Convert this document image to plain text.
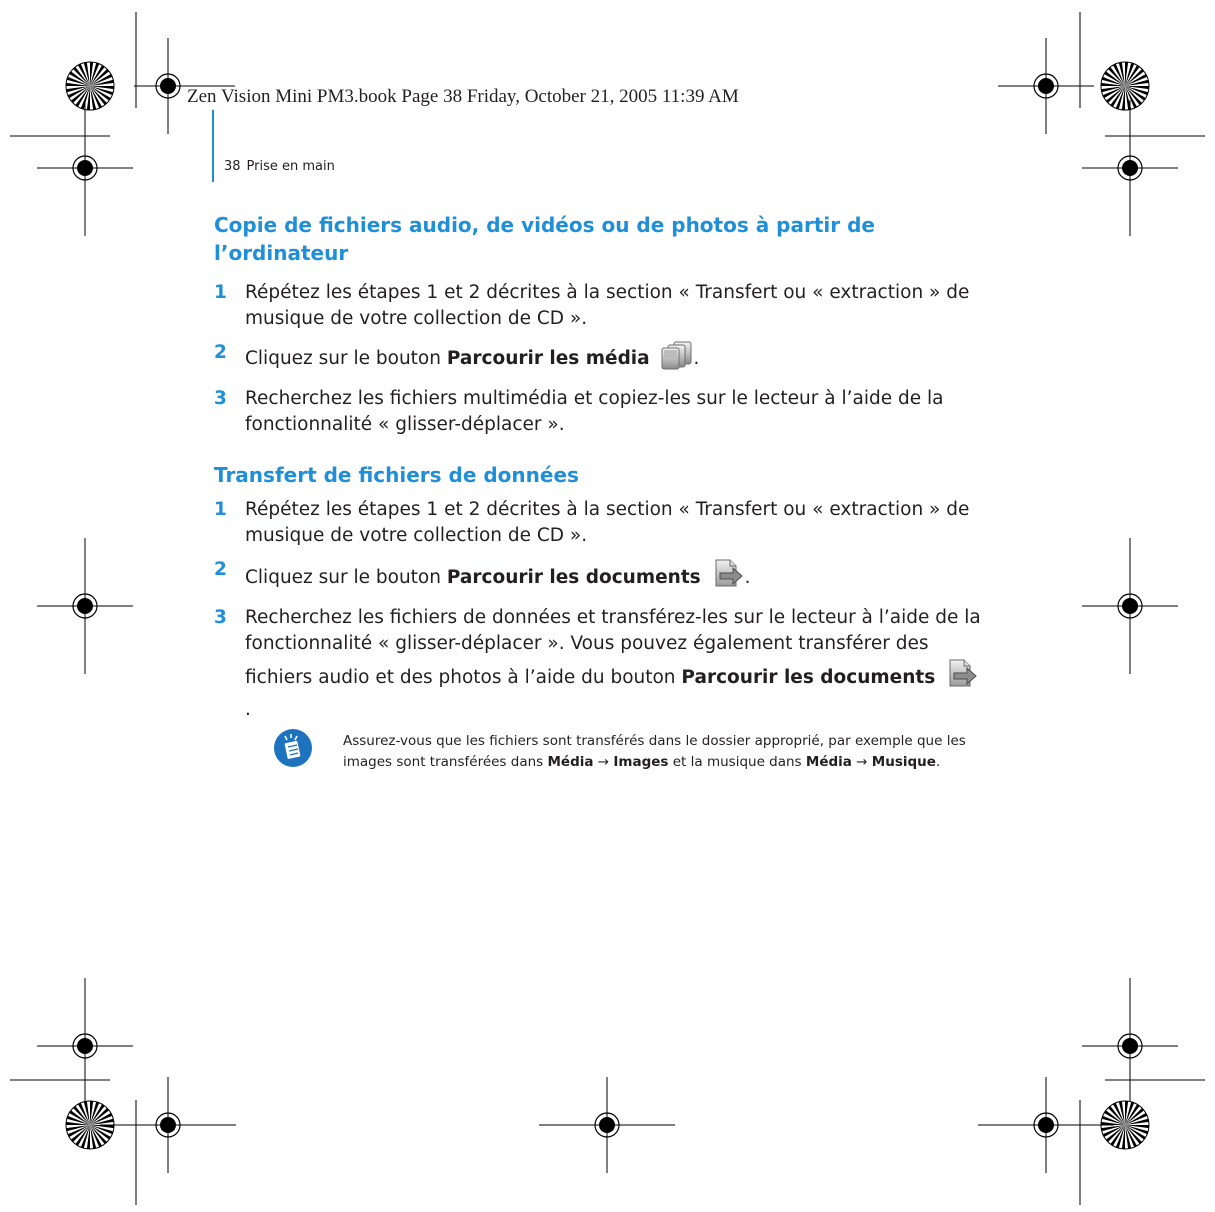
Zen Vision Mini PM3.book Page 38 Friday, October 21, 2005 11:39 AM
38 Prise en main
Copie de fichiers audio, de vidéos ou de photos à partir de l’ordinateur
1 Répétez les étapes 1 et 2 décrites à la section « Transfert ou « extraction » de musique de votre collection de CD ».
2 Cliquez sur le bouton Parcourir les média .
3 Recherchez les fichiers multimédia et copiez-les sur le lecteur à l’aide de la fonctionnalité « glisser-déplacer ».
Transfert de fichiers de données
1 Répétez les étapes 1 et 2 décrites à la section « Transfert ou « extraction » de musique de votre collection de CD ».
2 Cliquez sur le bouton Parcourir les documents .
3 Recherchez les fichiers de données et transférez-les sur le lecteur à l’aide de la fonctionnalité « glisser-déplacer ». Vous pouvez également transférer des fichiers audio et des photos à l’aide du bouton Parcourir les documents .
Assurez-vous que les fichiers sont transférés dans le dossier approprié, par exemple que les images sont transférées dans Média → Images et la musique dans Média → Musique.
